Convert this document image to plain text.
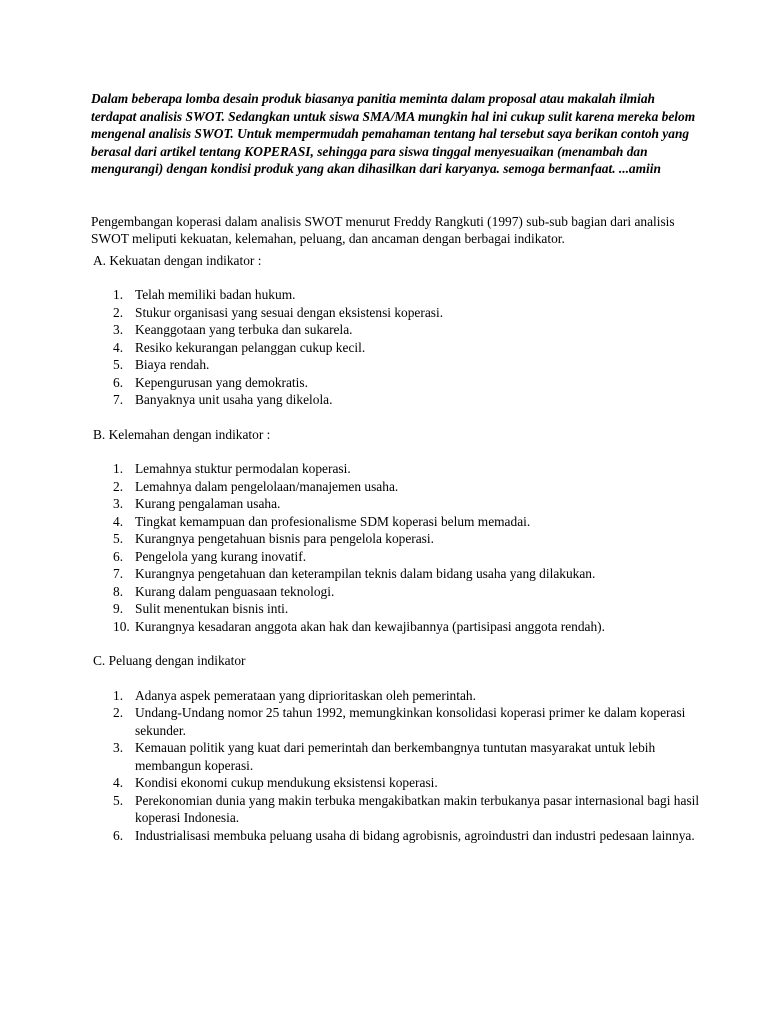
Dalam beberapa lomba desain produk biasanya panitia meminta dalam proposal atau makalah ilmiah terdapat analisis SWOT. Sedangkan untuk siswa SMA/MA mungkin hal ini cukup sulit karena mereka belom mengenal analisis SWOT. Untuk mempermudah pemahaman tentang hal tersebut saya berikan contoh yang berasal dari artikel tentang KOPERASI, sehingga para siswa tinggal menyesuaikan (menambah dan mengurangi) dengan kondisi produk yang akan dihasilkan dari karyanya. semoga bermanfaat. ...amiin

Pengembangan koperasi dalam analisis SWOT menurut Freddy Rangkuti (1997) sub-sub bagian dari analisis SWOT meliputi kekuatan, kelemahan, peluang, dan ancaman dengan berbagai indikator.

A. Kekuatan dengan indikator :

1. Telah memiliki badan hukum.
2. Stukur organisasi yang sesuai dengan eksistensi koperasi.
3. Keanggotaan yang terbuka dan sukarela.
4. Resiko kekurangan pelanggan cukup kecil.
5. Biaya rendah.
6. Kepengurusan yang demokratis.
7. Banyaknya unit usaha yang dikelola.

B. Kelemahan dengan indikator :

1. Lemahnya stuktur permodalan koperasi.
2. Lemahnya dalam pengelolaan/manajemen usaha.
3. Kurang pengalaman usaha.
4. Tingkat kemampuan dan profesionalisme SDM koperasi belum memadai.
5. Kurangnya pengetahuan bisnis para pengelola koperasi.
6. Pengelola yang kurang inovatif.
7. Kurangnya pengetahuan dan keterampilan teknis dalam bidang usaha yang dilakukan.
8. Kurang dalam penguasaan teknologi.
9. Sulit menentukan bisnis inti.
10. Kurangnya kesadaran anggota akan hak dan kewajibannya (partisipasi anggota rendah).

C. Peluang dengan indikator

1. Adanya aspek pemerataan yang diprioritaskan oleh pemerintah.
2. Undang-Undang nomor 25 tahun 1992, memungkinkan konsolidasi koperasi primer ke dalam koperasi sekunder.
3. Kemauan politik yang kuat dari pemerintah dan berkembangnya tuntutan masyarakat untuk lebih membangun koperasi.
4. Kondisi ekonomi cukup mendukung eksistensi koperasi.
5. Perekonomian dunia yang makin terbuka mengakibatkan makin terbukanya pasar internasional bagi hasil koperasi Indonesia.
6. Industrialisasi membuka peluang usaha di bidang agrobisnis, agroindustri dan industri pedesaan lainnya.
